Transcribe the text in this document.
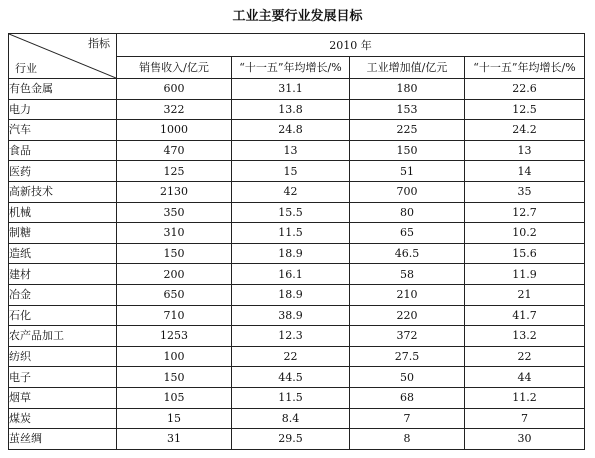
工业主要行业发展目标
指标
行业	2010 年			
	销售收入/亿元	“十一五”年均增长/%	工业增加值/亿元	“十一五”年均增长/%
有色金属	600	31.1	180	22.6
电力	322	13.8	153	12.5
汽车	1000	24.8	225	24.2
食品	470	13	150	13
医药	125	15	51	14
高新技术	2130	42	700	35
机械	350	15.5	80	12.7
制糖	310	11.5	65	10.2
造纸	150	18.9	46.5	15.6
建材	200	16.1	58	11.9
冶金	650	18.9	210	21
石化	710	38.9	220	41.7
农产品加工	1253	12.3	372	13.2
纺织	100	22	27.5	22
电子	150	44.5	50	44
烟草	105	11.5	68	11.2
煤炭	15	8.4	7	7
茧丝绸	31	29.5	8	30
